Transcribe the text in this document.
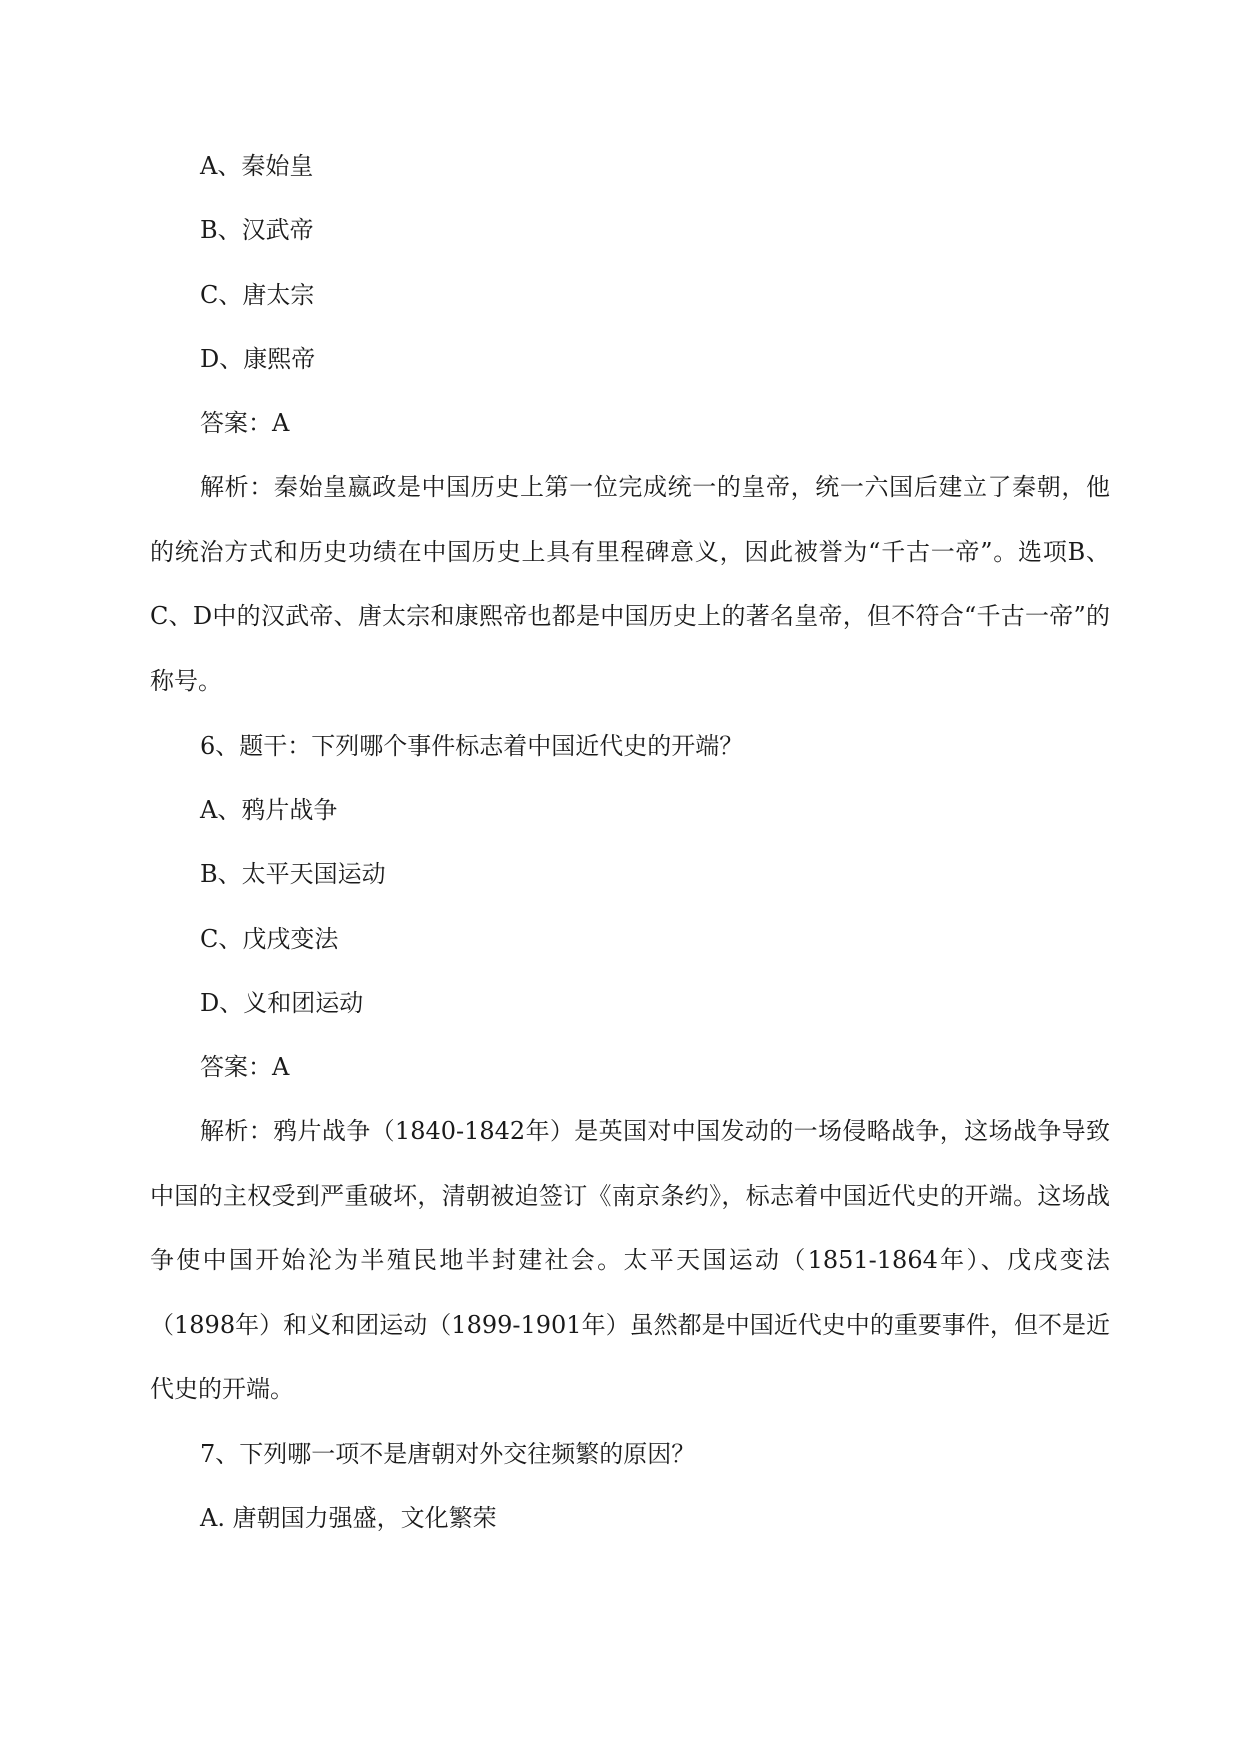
A、秦始皇
B、汉武帝
C、唐太宗
D、康熙帝
答案：A
解析：秦始皇嬴政是中国历史上第一位完成统一的皇帝，统一六国后建立了秦朝，他的统治方式和历史功绩在中国历史上具有里程碑意义，因此被誉为“千古一帝”。选项B、C、D中的汉武帝、唐太宗和康熙帝也都是中国历史上的著名皇帝，但不符合“千古一帝”的称号。
6、题干：下列哪个事件标志着中国近代史的开端？
A、鸦片战争
B、太平天国运动
C、戊戌变法
D、义和团运动
答案：A
解析：鸦片战争（1840-1842年）是英国对中国发动的一场侵略战争，这场战争导致中国的主权受到严重破坏，清朝被迫签订《南京条约》，标志着中国近代史的开端。这场战争使中国开始沦为半殖民地半封建社会。太平天国运动（1851-1864年）、戊戌变法（1898年）和义和团运动（1899-1901年）虽然都是中国近代史中的重要事件，但不是近代史的开端。
7、下列哪一项不是唐朝对外交往频繁的原因？
A. 唐朝国力强盛，文化繁荣
